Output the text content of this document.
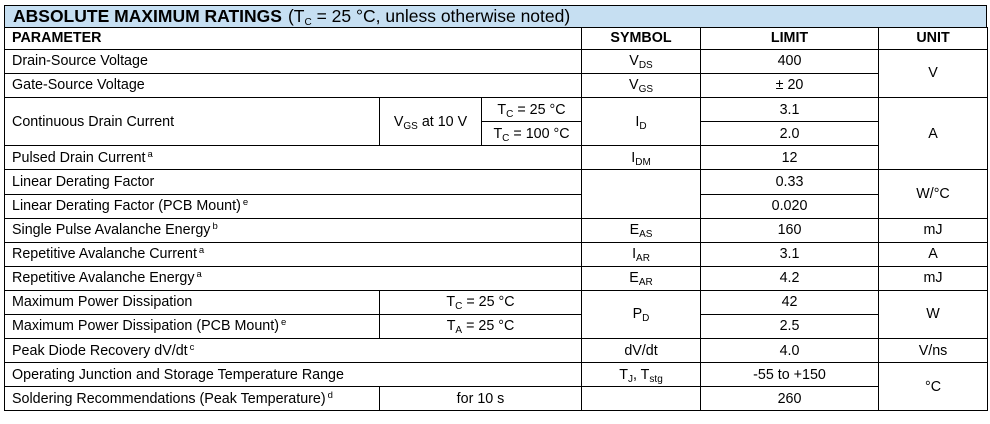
ABSOLUTE MAXIMUM RATINGS ($T_C = 25$ °C, unless otherwise noted)
PARAMETER			SYMBOL	LIMIT	UNIT
Drain-Source Voltage			$V_{DS}$	400	V
Gate-Source Voltage			$V_{GS}$	± 20	
Continuous Drain Current	$V_{GS}$ at 10 V	$T_C = 25$ °C	$I_D$	3.1	A
		$T_C = 100$ °C		2.0	
Pulsed Drain Current $^a$			$I_{DM}$	12	
Linear Derating Factor				0.33	W/°C
Linear Derating Factor (PCB Mount) $^e$				0.020	
Single Pulse Avalanche Energy $^b$			$E_{AS}$	160	mJ
Repetitive Avalanche Current $^a$			$I_{AR}$	3.1	A
Repetitive Avalanche Energy $^a$			$E_{AR}$	4.2	mJ
Maximum Power Dissipation	$T_C = 25$ °C		$P_D$	42	W
Maximum Power Dissipation (PCB Mount) $^e$	$T_A = 25$ °C			2.5	
Peak Diode Recovery dV/dt $^c$			dV/dt	4.0	V/ns
Operating Junction and Storage Temperature Range			$T_J$, $T_{stg}$	-55 to +150	°C
Soldering Recommendations (Peak Temperature) $^d$	for 10 s			260	
